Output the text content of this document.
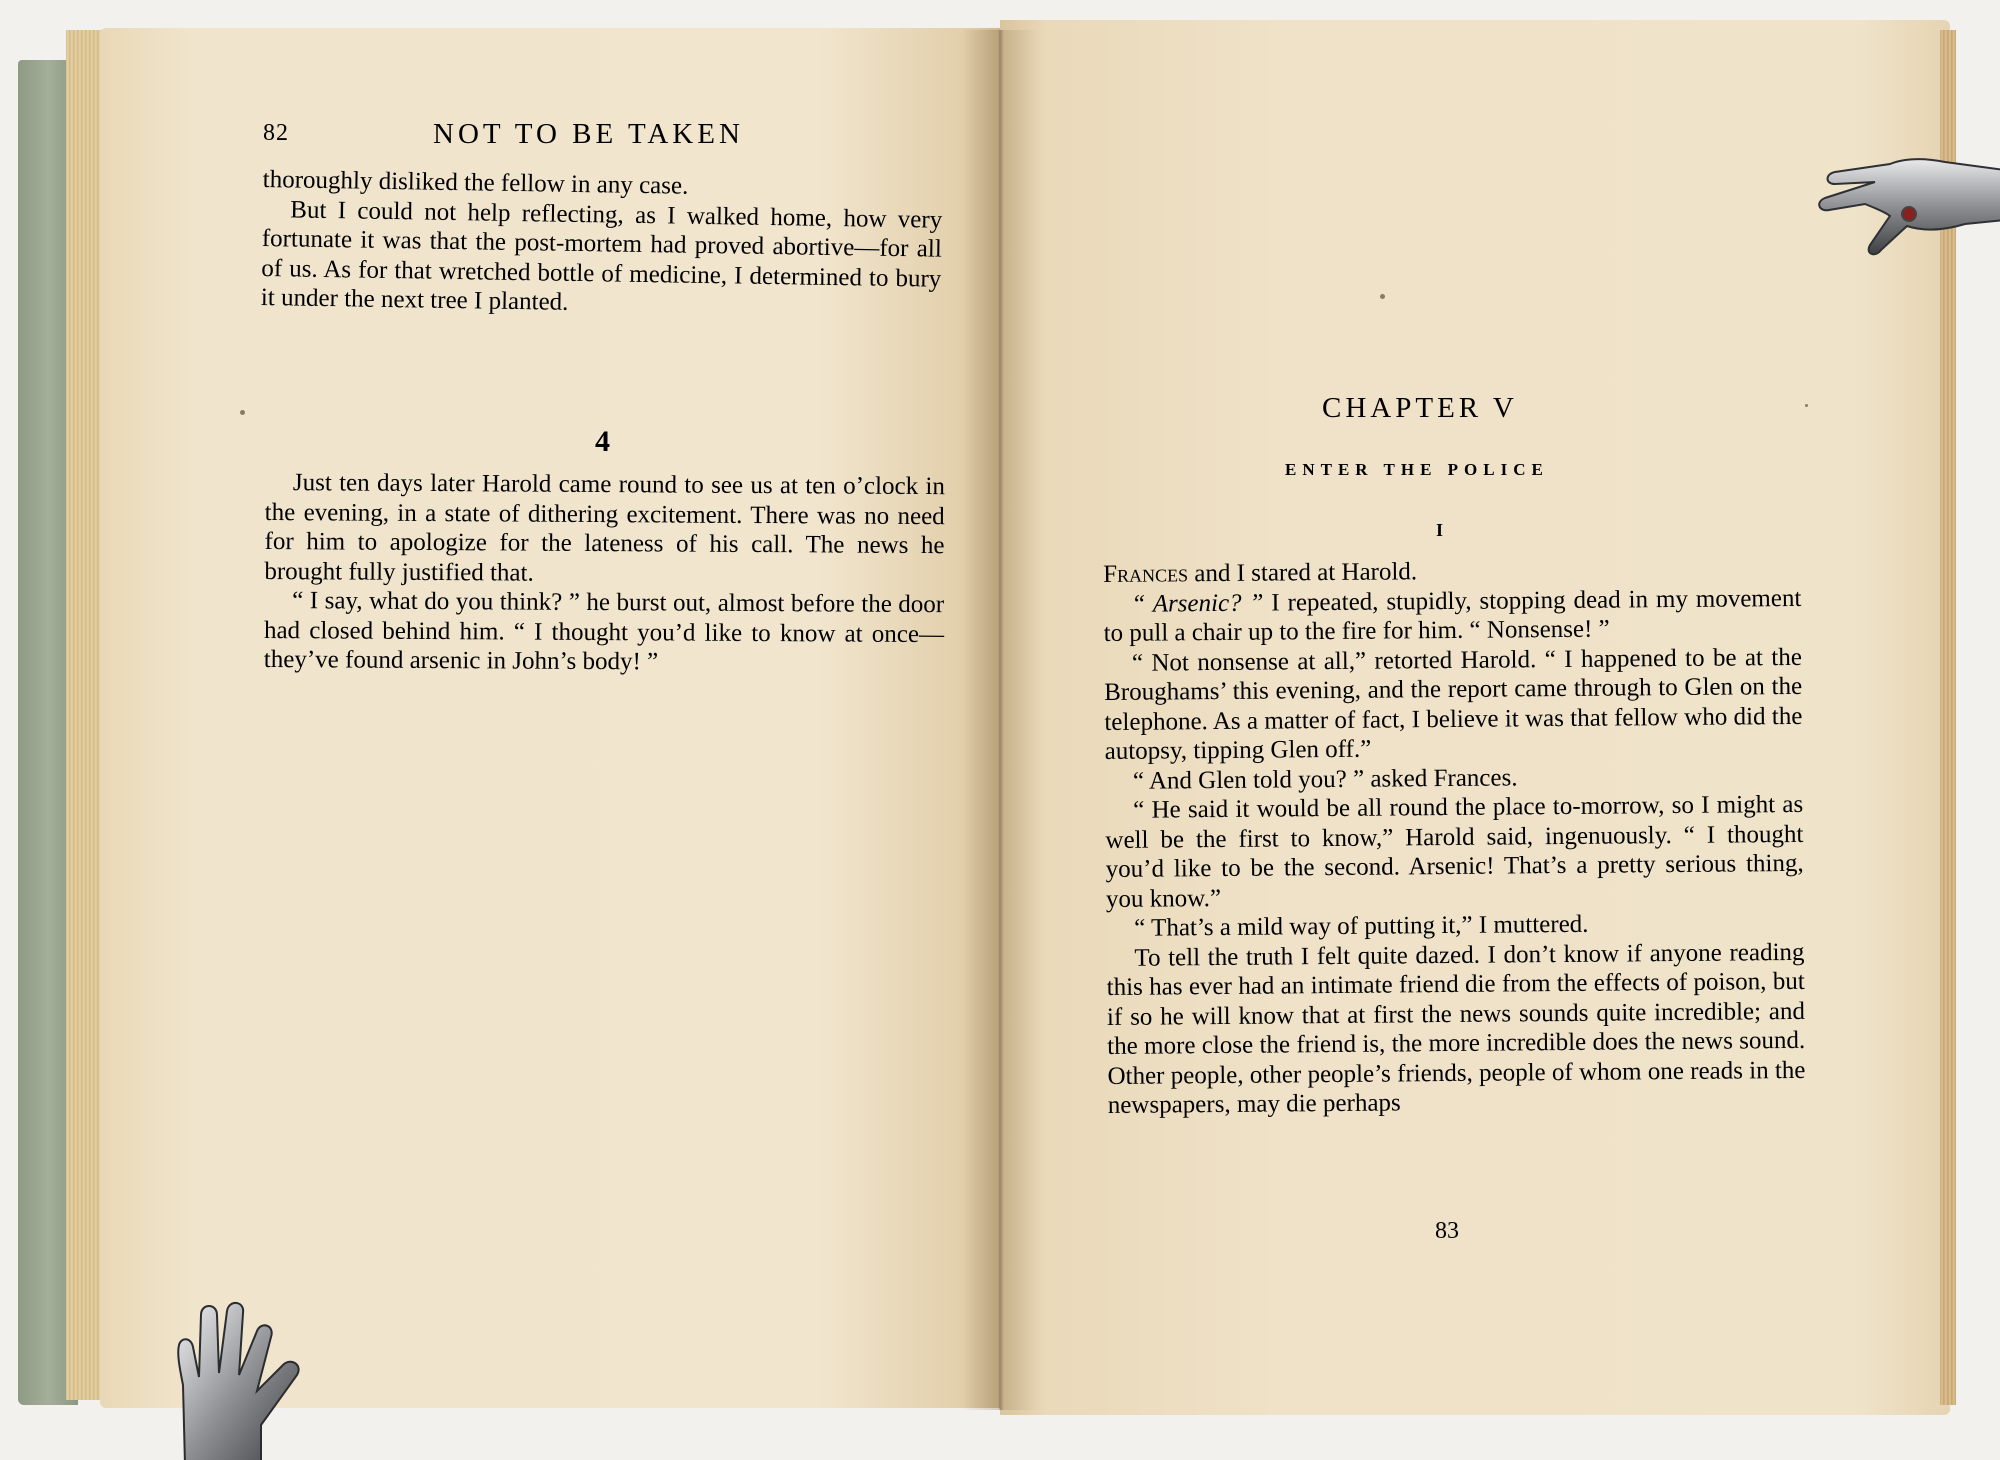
82	NOT TO BE TAKEN

thoroughly disliked the fellow in any case.

But I could not help reflecting, as I walked home, how very fortunate it was that the post-mortem had proved abortive—for all of us. As for that wretched bottle of medicine, I determined to bury it under the next tree I planted.

4

Just ten days later Harold came round to see us at ten o’clock in the evening, in a state of dithering excitement. There was no need for him to apologize for the lateness of his call. The news he brought fully justified that.

“ I say, what do you think? ” he burst out, almost before the door had closed behind him. “ I thought you’d like to know at once—they’ve found arsenic in John’s body! ”

CHAPTER V
ENTER THE POLICE
I

Frances and I stared at Harold.

“ Arsenic? ” I repeated, stupidly, stopping dead in my movement to pull a chair up to the fire for him. “ Nonsense! ”

“ Not nonsense at all,” retorted Harold. “ I happened to be at the Broughams’ this evening, and the report came through to Glen on the telephone. As a matter of fact, I believe it was that fellow who did the autopsy, tipping Glen off.”

“ And Glen told you? ” asked Frances.

“ He said it would be all round the place to-morrow, so I might as well be the first to know,” Harold said, ingenuously. “ I thought you’d like to be the second. Arsenic! That’s a pretty serious thing, you know.”

“ That’s a mild way of putting it,” I muttered.

To tell the truth I felt quite dazed. I don’t know if anyone reading this has ever had an intimate friend die from the effects of poison, but if so he will know that at first the news sounds quite incredible; and the more close the friend is, the more incredible does the news sound. Other people, other people’s friends, people of whom one reads in the newspapers, may die perhaps

83
